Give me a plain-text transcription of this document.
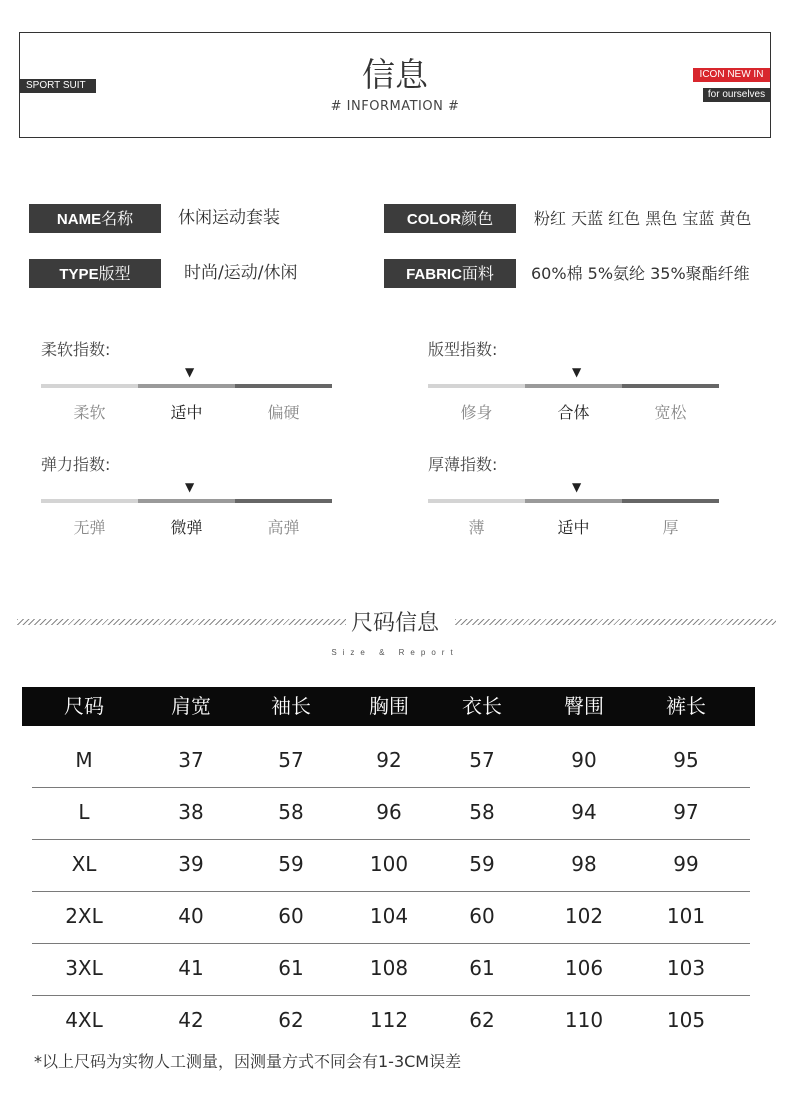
SPORT SUIT	信息
# INFORMATION #
ICON NEW IN
for ourselves
NAME名称	休闲运动套装	COLOR颜色	粉红 天蓝 红色 黑色 宝蓝 黄色
TYPE版型	时尚/运动/休闲	FABRIC面料	60%棉 5%氨纶 35%聚酯纤维
柔软指数:
▼
柔软	适中	偏硬
版型指数:
▼
修身	合体	宽松
弹力指数:
▼
无弹	微弹	高弹
厚薄指数:
▼
薄	适中	厚
尺码信息
Size & Report
尺码	肩宽	袖长	胸围	衣长	臀围	裤长
M	37	57	92	57	90	95
L	38	58	96	58	94	97
XL	39	59	100	59	98	99
2XL	40	60	104	60	102	101
3XL	41	61	108	61	106	103
4XL	42	62	112	62	110	105
*以上尺码为实物人工测量，因测量方式不同会有1-3CM误差
